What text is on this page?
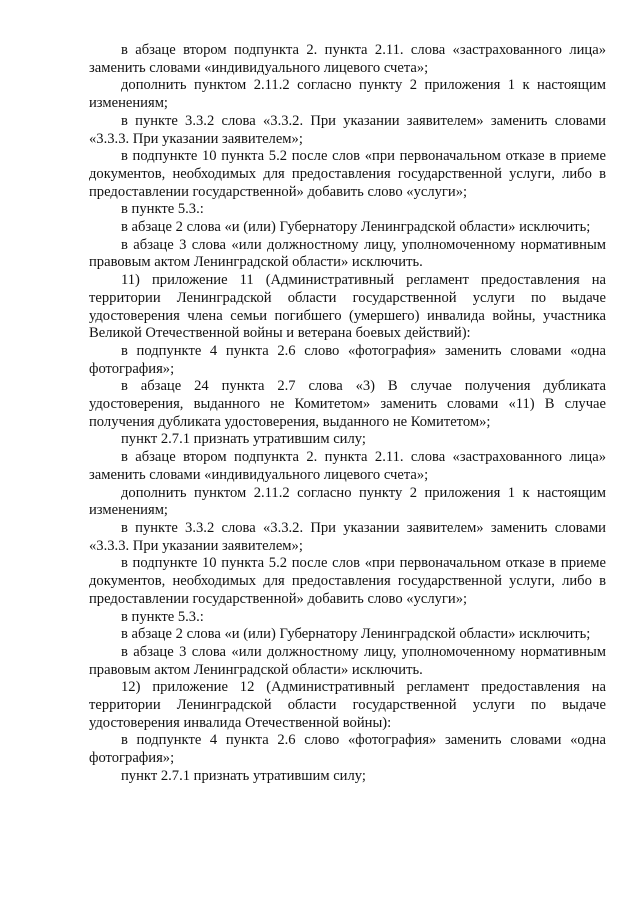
в абзаце втором подпункта 2. пункта 2.11. слова «застрахованного лица» заменить словами «индивидуального лицевого счета»;

дополнить пунктом 2.11.2 согласно пункту 2 приложения 1 к настоящим изменениям;

в пункте 3.3.2 слова «3.3.2. При указании заявителем» заменить словами «3.3.3. При указании заявителем»;

в подпункте 10 пункта 5.2 после слов «при первоначальном отказе в приеме документов, необходимых для предоставления государственной услуги, либо в предоставлении государственной» добавить слово «услуги»;

в пункте 5.3.:

в абзаце 2 слова «и (или) Губернатору Ленинградской области» исключить;

в абзаце 3 слова «или должностному лицу, уполномоченному нормативным правовым актом Ленинградской области» исключить.

11) приложение 11 (Административный регламент предоставления на территории Ленинградской области государственной услуги по выдаче удостоверения члена семьи погибшего (умершего) инвалида войны, участника Великой Отечественной войны и ветерана боевых действий):

в подпункте 4 пункта 2.6 слово «фотография» заменить словами «одна фотография»;

в абзаце 24 пункта 2.7 слова «3) В случае получения дубликата удостоверения, выданного не Комитетом» заменить словами «11) В случае получения дубликата удостоверения, выданного не Комитетом»;

пункт 2.7.1 признать утратившим силу;

в абзаце втором подпункта 2. пункта 2.11. слова «застрахованного лица» заменить словами «индивидуального лицевого счета»;

дополнить пунктом 2.11.2 согласно пункту 2 приложения 1 к настоящим изменениям;

в пункте 3.3.2 слова «3.3.2. При указании заявителем» заменить словами «3.3.3. При указании заявителем»;

в подпункте 10 пункта 5.2 после слов «при первоначальном отказе в приеме документов, необходимых для предоставления государственной услуги, либо в предоставлении государственной» добавить слово «услуги»;

в пункте 5.3.:

в абзаце 2 слова «и (или) Губернатору Ленинградской области» исключить;

в абзаце 3 слова «или должностному лицу, уполномоченному нормативным правовым актом Ленинградской области» исключить.

12) приложение 12 (Административный регламент предоставления на территории Ленинградской области государственной услуги по выдаче удостоверения инвалида Отечественной войны):

в подпункте 4 пункта 2.6 слово «фотография» заменить словами «одна фотография»;

пункт 2.7.1 признать утратившим силу;
